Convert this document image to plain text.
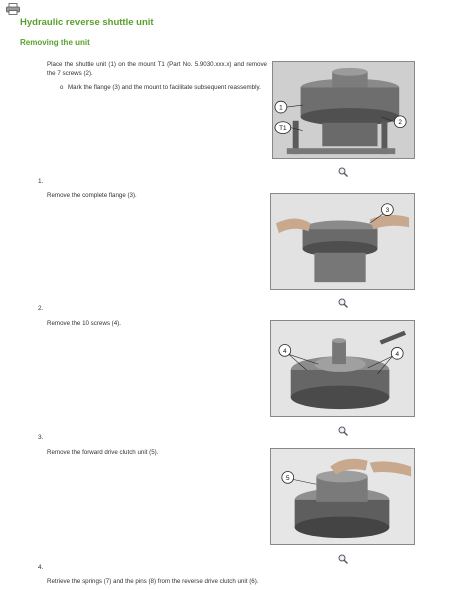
Hydraulic reverse shuttle unit
Removing the unit
Place the shuttle unit (1) on the mount T1 (Part No. 5.9030.xxx.x) and remove the 7 screws (2).
o Mark the flange (3) and the mount to facilitate subsequent reassembly.
1
T1
2
1.
Remove the complete flange (3).
3
2.
Remove the 10 screws (4).
4	4
3.
Remove the forward drive clutch unit (5).
5
4.
Retrieve the springs (7) and the pins (8) from the reverse drive clutch unit (6).
